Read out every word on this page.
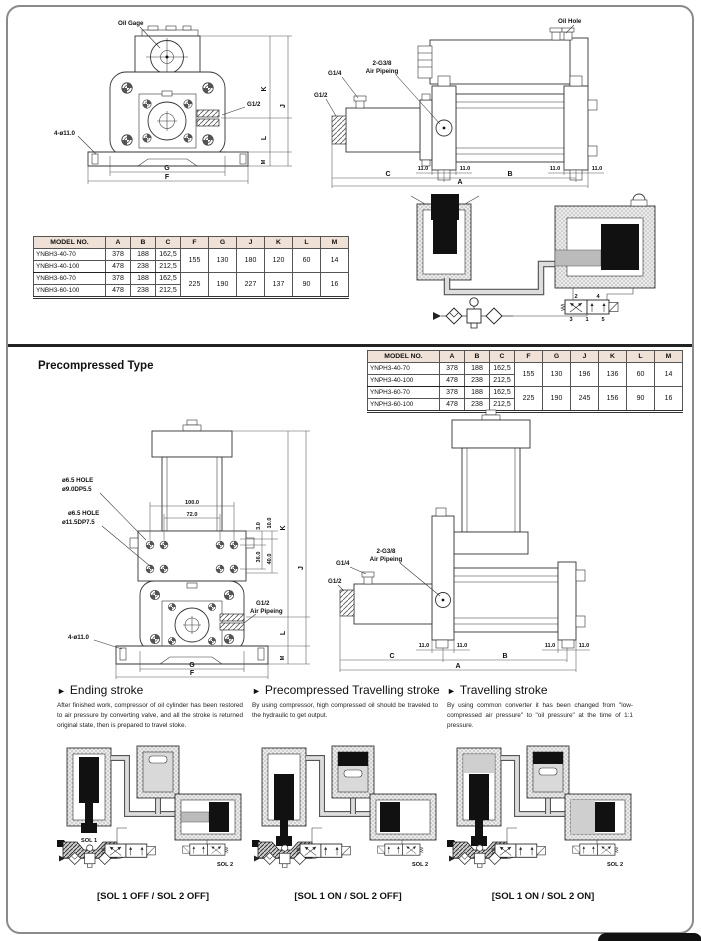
Oil Gage
G1/2
4-ø11.0
K
L
M
J
G
F
Oil Hole
2-G3/8
Air Pipeing
G1/4
G1/2
11.0	11.0	11.0	11.0
C	B
A
MODEL NO.	A	B	C	F	G	J	K	L	M
YNBH3-40-70	378	188	162,5	155	130	180	120	60	14
YNBH3-40-100	478	238	212,5						
YNBH3-60-70	378	188	162,5	225	190	227	137	90	16
YNBH3-60-100	478	238	212,5						
2	4
3 1 5
Precompressed Type
MODEL NO.	A	B	C	F	G	J	K	L	M
YNPH3-40-70	378	188	162,5	155	130	196	136	60	14
YNPH3-40-100	478	238	212,5						
YNPH3-60-70	378	188	162,5	225	190	245	156	90	16
YNPH3-60-100	478	238	212,5						
100.0
72.0
3.0 10.0
36.0 40.0
ø6.5 HOLE
ø9.0DP5.5
ø6.5 HOLE
ø11.5DP7.5
G1/2
Air Pipeing
4-ø11.0
K
L
M
J
G
F
2-G3/8
Air Pipeing
G1/4
G1/2
11.0	11.0	11.0	11.0
C	B
A
► Ending stroke	► Precompressed Travelling stroke ► Travelling stroke
After finished work, compressor of oil cylinder has been restored to air pressure by converting valve, and all the stroke is returned original state, then is prepared to travel stoke.
By using compressor, high compressed oil should be traveled to the hydraulic to get output.
By using common converter it has been changed from "low-compressed air pressure" to "oil pressure" at the time of 1:1 pressure.
SOL 1
SOL 2
SOL 1
SOL 2
SOL 1
SOL 2
[SOL 1 OFF / SOL 2 OFF]	[SOL 1 ON / SOL 2 OFF]	[SOL 1 ON / SOL 2 ON]
